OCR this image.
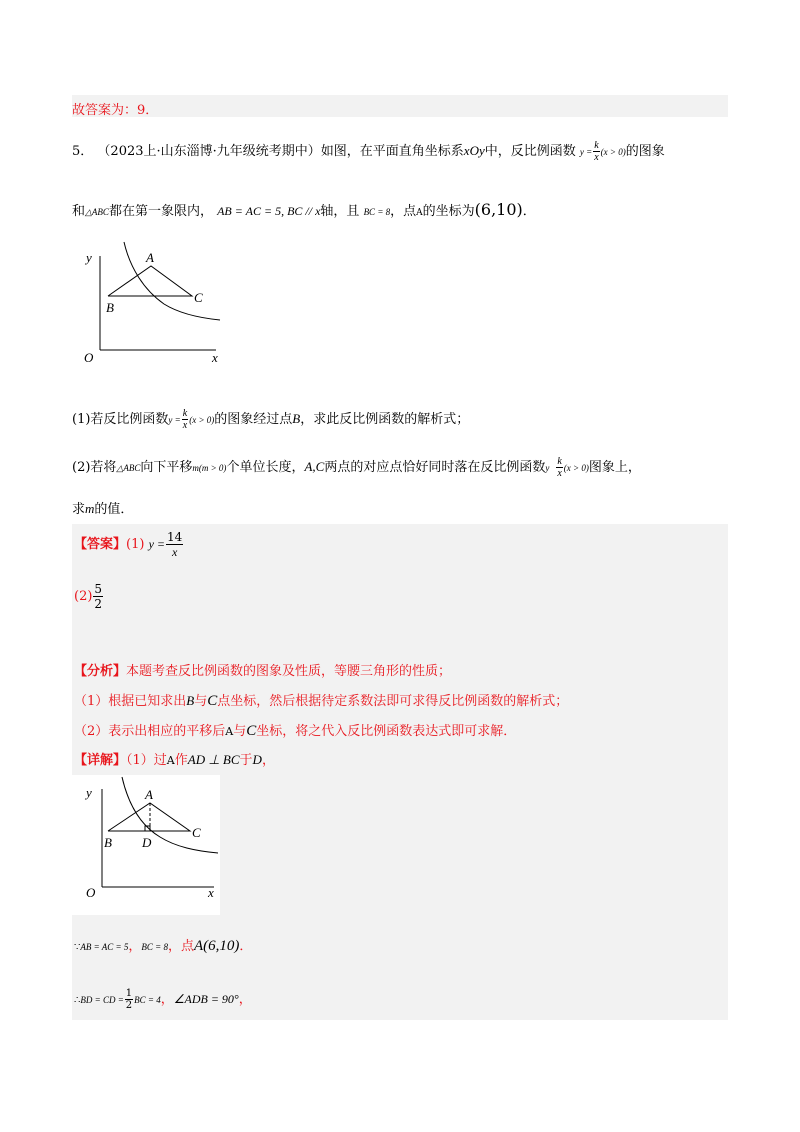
故答案为：9．
5． （2023上·山东淄博·九年级统考期中）如图，在平面直角坐标系xOy中，反比例函数 $y = \frac{k}{x} (x > 0)$的图象
和△ABC都在第一象限内， AB = AC = 5, BC // x轴，且 BC = 8，点A的坐标为(6,10)．
y	A
B
C
O	x
(1)若反比例函数$y = \frac{k}{x} (x > 0)$的图象经过点B，求此反比例函数的解析式；
(2)若将△ABC向下平移m(m > 0)个单位长度，A,C两点的对应点恰好同时落在反比例函数y $\frac{k}{x} (x > 0)$图象上，
求m的值．
【答案】(1) $y = \frac{14}{x}$
$(2) \frac{5}{2}$
【分析】本题考查反比例函数的图象及性质，等腰三角形的性质；
（1）根据已知求出B与C点坐标，然后根据待定系数法即可求得反比例函数的解析式；
（2）表示出相应的平移后A与C坐标，将之代入反比例函数表达式即可求解．
【详解】（1）过A作AD ⊥ BC于D，
y	A
B D
C
O	x
∵AB = AC = 5，BC = 8，点A(6,10)．
∴BD = CD = $\frac{1}{2}$ BC = 4，∠ADB = 90°，
